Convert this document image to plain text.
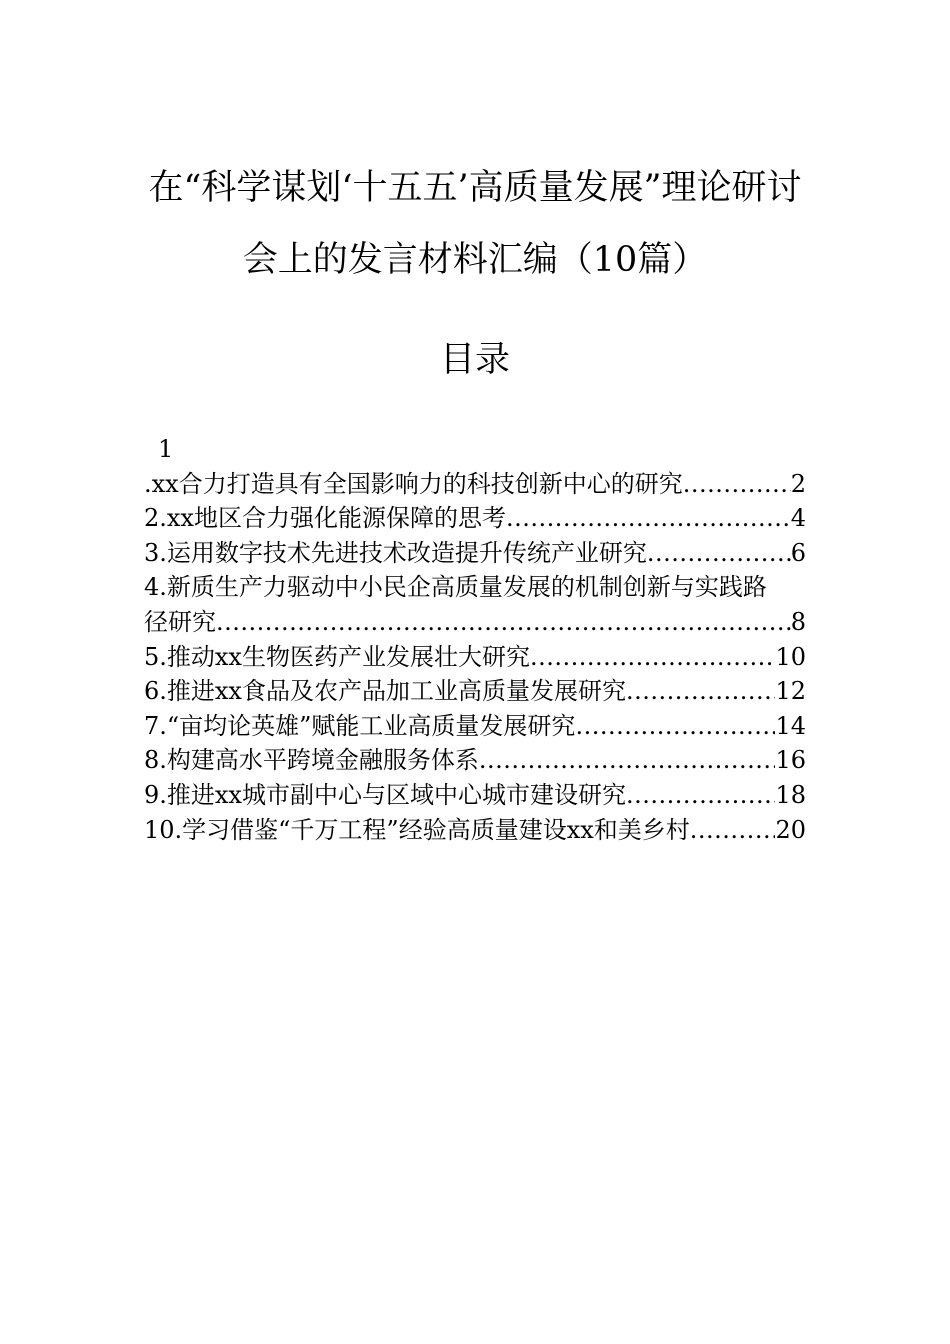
在“科学谋划‘十五五’高质量发展”理论研讨
会上的发言材料汇编（10篇）
目录
1
.xx合力打造具有全国影响力的科技创新中心的研究 .....	2
2.xx地区合力强化能源保障的思考 .....	4
3.运用数字技术先进技术改造提升传统产业研究 .....	6
4.新质生产力驱动中小民企高质量发展的机制创新与实践路
径研究 .....	8
5.推动xx生物医药产业发展壮大研究 .....	10
6.推进xx食品及农产品加工业高质量发展研究 .....	12
7.“亩均论英雄”赋能工业高质量发展研究 .....	14
8.构建高水平跨境金融服务体系 .....	16
9.推进xx城市副中心与区域中心城市建设研究 .....	18
10.学习借鉴“千万工程”经验高质量建设xx和美乡村 .....	20
